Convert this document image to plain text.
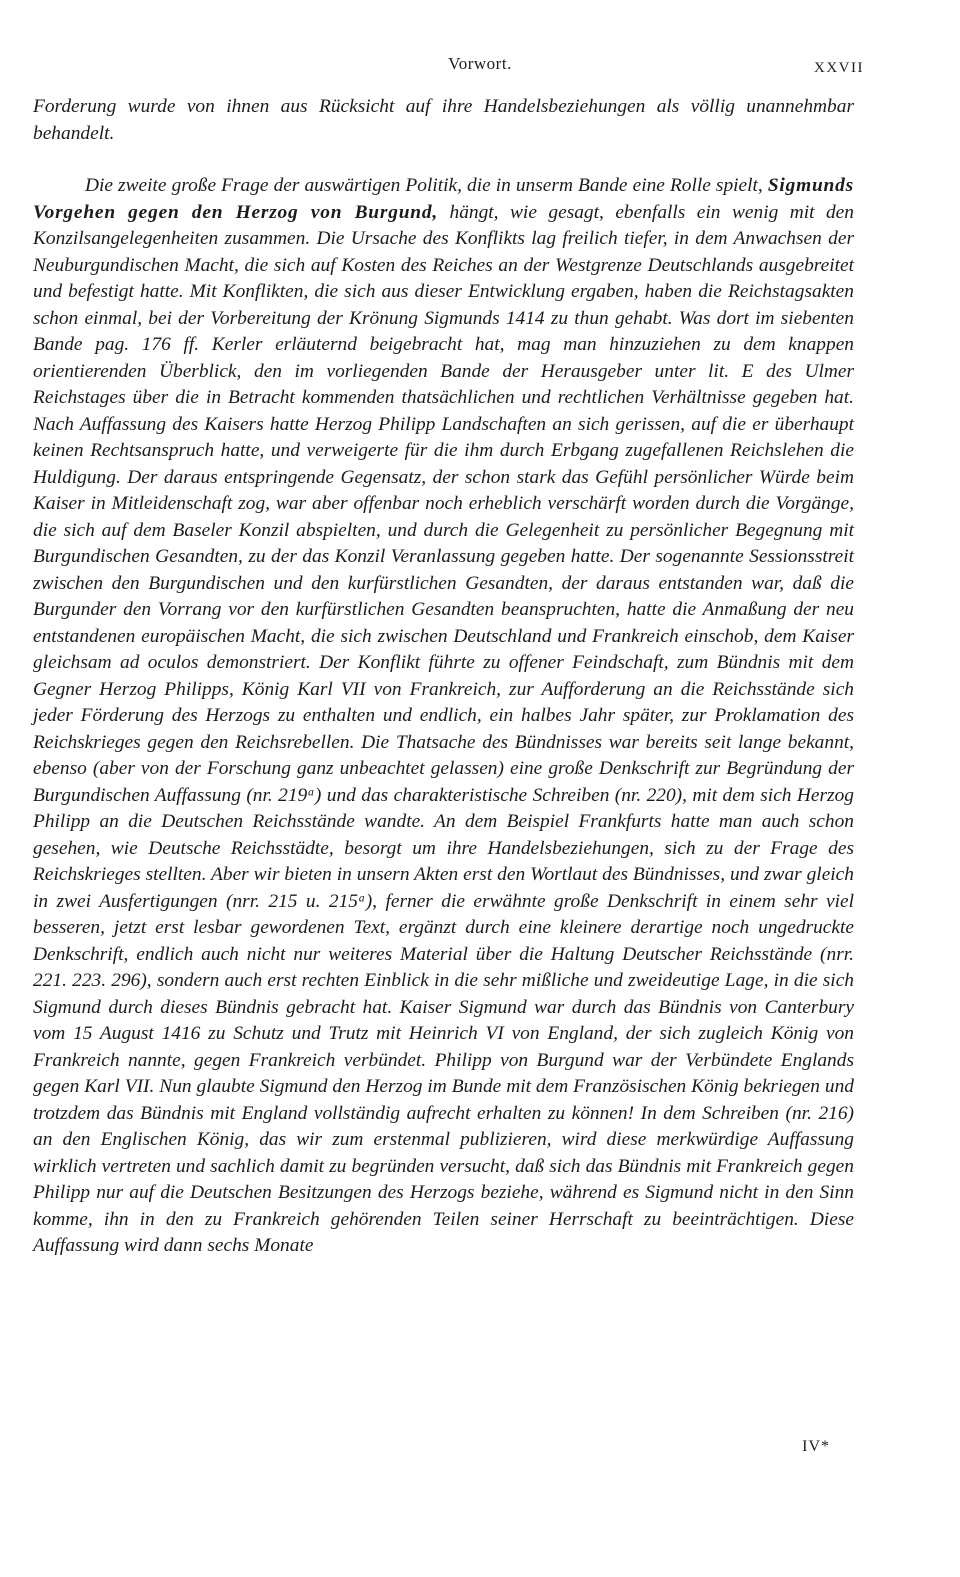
Vorwort.	XXVII
Forderung wurde von ihnen aus Rücksicht auf ihre Handelsbeziehungen als völlig unannehmbar behandelt.
Die zweite große Frage der auswärtigen Politik, die in unserm Bande eine Rolle spielt, Sigmunds Vorgehen gegen den Herzog von Burgund, hängt, wie gesagt, ebenfalls ein wenig mit den Konzilsangelegenheiten zusammen. Die Ursache des Konflikts lag freilich tiefer, in dem Anwachsen der Neuburgundischen Macht, die sich auf Kosten des Reiches an der Westgrenze Deutschlands ausgebreitet und befestigt hatte. Mit Konflikten, die sich aus dieser Entwicklung ergaben, haben die Reichstagsakten schon einmal, bei der Vorbereitung der Krönung Sigmunds 1414 zu thun gehabt. Was dort im siebenten Bande pag. 176 ff. Kerler erläuternd beigebracht hat, mag man hinzuziehen zu dem knappen orientierenden Überblick, den im vorliegenden Bande der Herausgeber unter lit. E des Ulmer Reichstages über die in Betracht kommenden thatsächlichen und rechtlichen Verhältnisse gegeben hat. Nach Auffassung des Kaisers hatte Herzog Philipp Landschaften an sich gerissen, auf die er überhaupt keinen Rechtsanspruch hatte, und verweigerte für die ihm durch Erbgang zugefallenen Reichslehen die Huldigung. Der daraus entspringende Gegensatz, der schon stark das Gefühl persönlicher Würde beim Kaiser in Mitleidenschaft zog, war aber offenbar noch erheblich verschärft worden durch die Vorgänge, die sich auf dem Baseler Konzil abspielten, und durch die Gelegenheit zu persönlicher Begegnung mit Burgundischen Gesandten, zu der das Konzil Veranlassung gegeben hatte. Der sogenannte Sessionsstreit zwischen den Burgundischen und den kurfürstlichen Gesandten, der daraus entstanden war, daß die Burgunder den Vorrang vor den kurfürstlichen Gesandten beanspruchten, hatte die Anmaßung der neu entstandenen europäischen Macht, die sich zwischen Deutschland und Frankreich einschob, dem Kaiser gleichsam ad oculos demonstriert. Der Konflikt führte zu offener Feindschaft, zum Bündnis mit dem Gegner Herzog Philipps, König Karl VII von Frankreich, zur Aufforderung an die Reichsstände sich jeder Förderung des Herzogs zu enthalten und endlich, ein halbes Jahr später, zur Proklamation des Reichskrieges gegen den Reichsrebellen. Die Thatsache des Bündnisses war bereits seit lange bekannt, ebenso (aber von der Forschung ganz unbeachtet gelassen) eine große Denkschrift zur Begründung der Burgundischen Auffassung (nr. 219ᵃ) und das charakteristische Schreiben (nr. 220), mit dem sich Herzog Philipp an die Deutschen Reichsstände wandte. An dem Beispiel Frankfurts hatte man auch schon gesehen, wie Deutsche Reichsstädte, besorgt um ihre Handelsbeziehungen, sich zu der Frage des Reichskrieges stellten. Aber wir bieten in unsern Akten erst den Wortlaut des Bündnisses, und zwar gleich in zwei Ausfertigungen (nrr. 215 u. 215ᵃ), ferner die erwähnte große Denkschrift in einem sehr viel besseren, jetzt erst lesbar gewordenen Text, ergänzt durch eine kleinere derartige noch ungedruckte Denkschrift, endlich auch nicht nur weiteres Material über die Haltung Deutscher Reichsstände (nrr. 221. 223. 296), sondern auch erst rechten Einblick in die sehr mißliche und zweideutige Lage, in die sich Sigmund durch dieses Bündnis gebracht hat. Kaiser Sigmund war durch das Bündnis von Canterbury vom 15 August 1416 zu Schutz und Trutz mit Heinrich VI von England, der sich zugleich König von Frankreich nannte, gegen Frankreich verbündet. Philipp von Burgund war der Verbündete Englands gegen Karl VII. Nun glaubte Sigmund den Herzog im Bunde mit dem Französischen König bekriegen und trotzdem das Bündnis mit England vollständig aufrecht erhalten zu können! In dem Schreiben (nr. 216) an den Englischen König, das wir zum erstenmal publizieren, wird diese merkwürdige Auffassung wirklich vertreten und sachlich damit zu begründen versucht, daß sich das Bündnis mit Frankreich gegen Philipp nur auf die Deutschen Besitzungen des Herzogs beziehe, während es Sigmund nicht in den Sinn komme, ihn in den zu Frankreich gehörenden Teilen seiner Herrschaft zu beeinträchtigen. Diese Auffassung wird dann sechs Monate
IV*
